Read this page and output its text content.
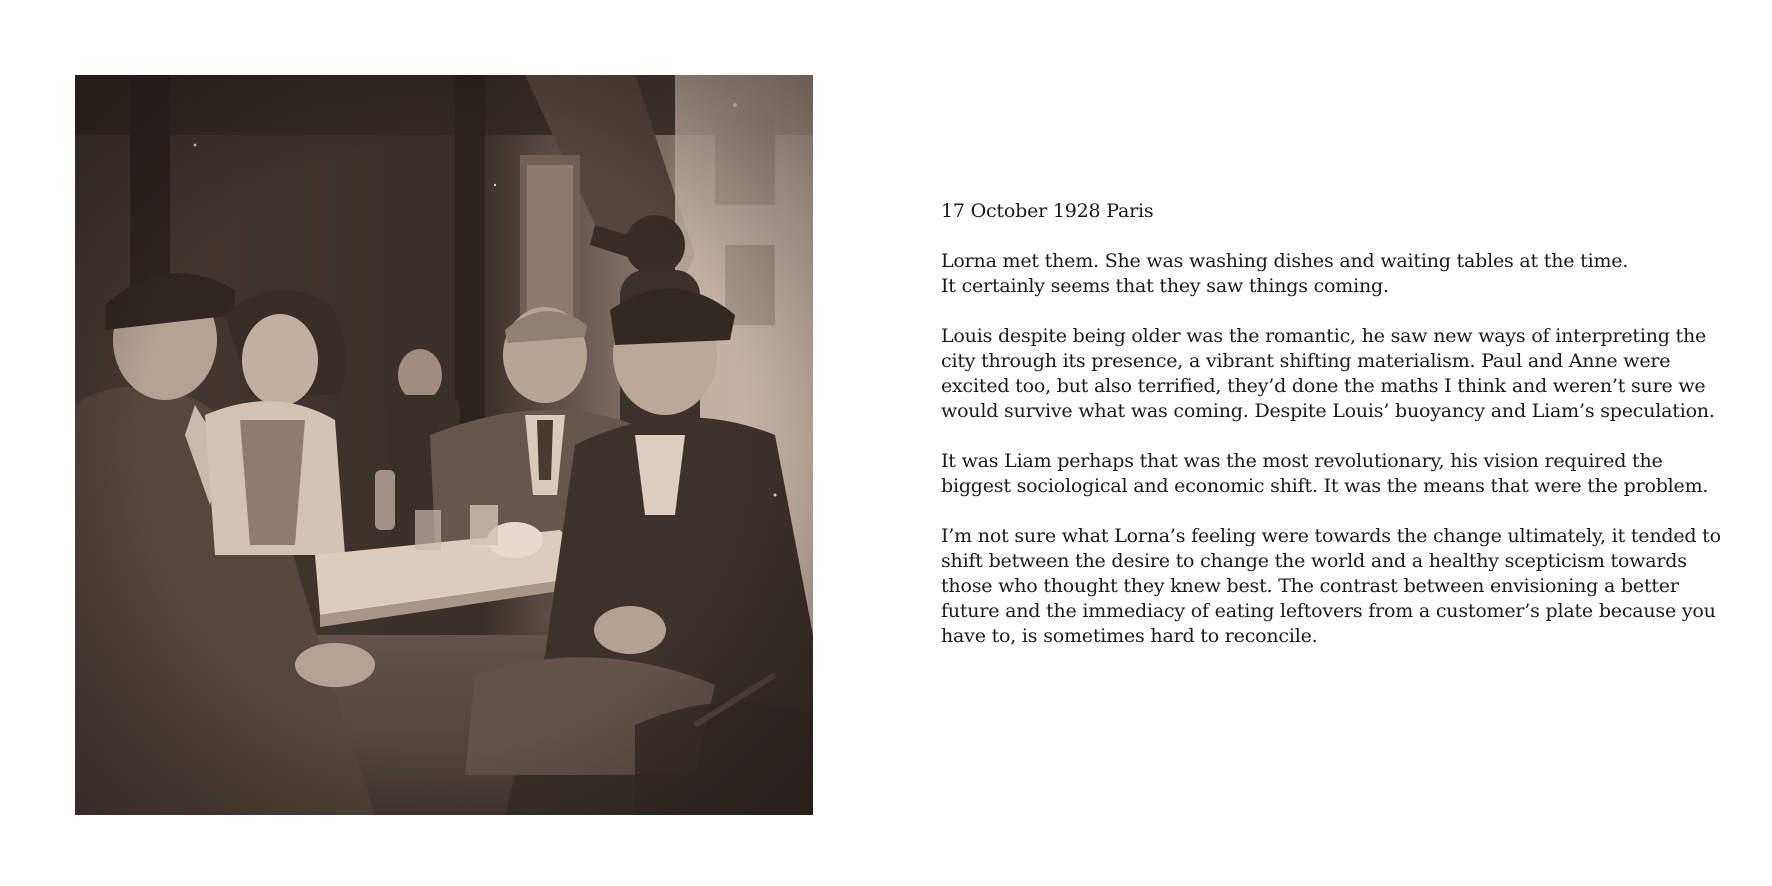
17 October 1928 Paris

Lorna met them. She was washing dishes and waiting tables at the time.
It certainly seems that they saw things coming.

Louis despite being older was the romantic, he saw new ways of interpreting the city through its presence, a vibrant shifting materialism. Paul and Anne were excited too, but also terrified, they’d done the maths I think and weren’t sure we would survive what was coming. Despite Louis’ buoyancy and Liam’s speculation.

It was Liam perhaps that was the most revolutionary, his vision required the biggest sociological and economic shift. It was the means that were the problem.

I’m not sure what Lorna’s feeling were towards the change ultimately, it tended to shift between the desire to change the world and a healthy scepticism towards those who thought they knew best. The contrast between envisioning a better future and the immediacy of eating leftovers from a customer’s plate because you have to, is sometimes hard to reconcile.
